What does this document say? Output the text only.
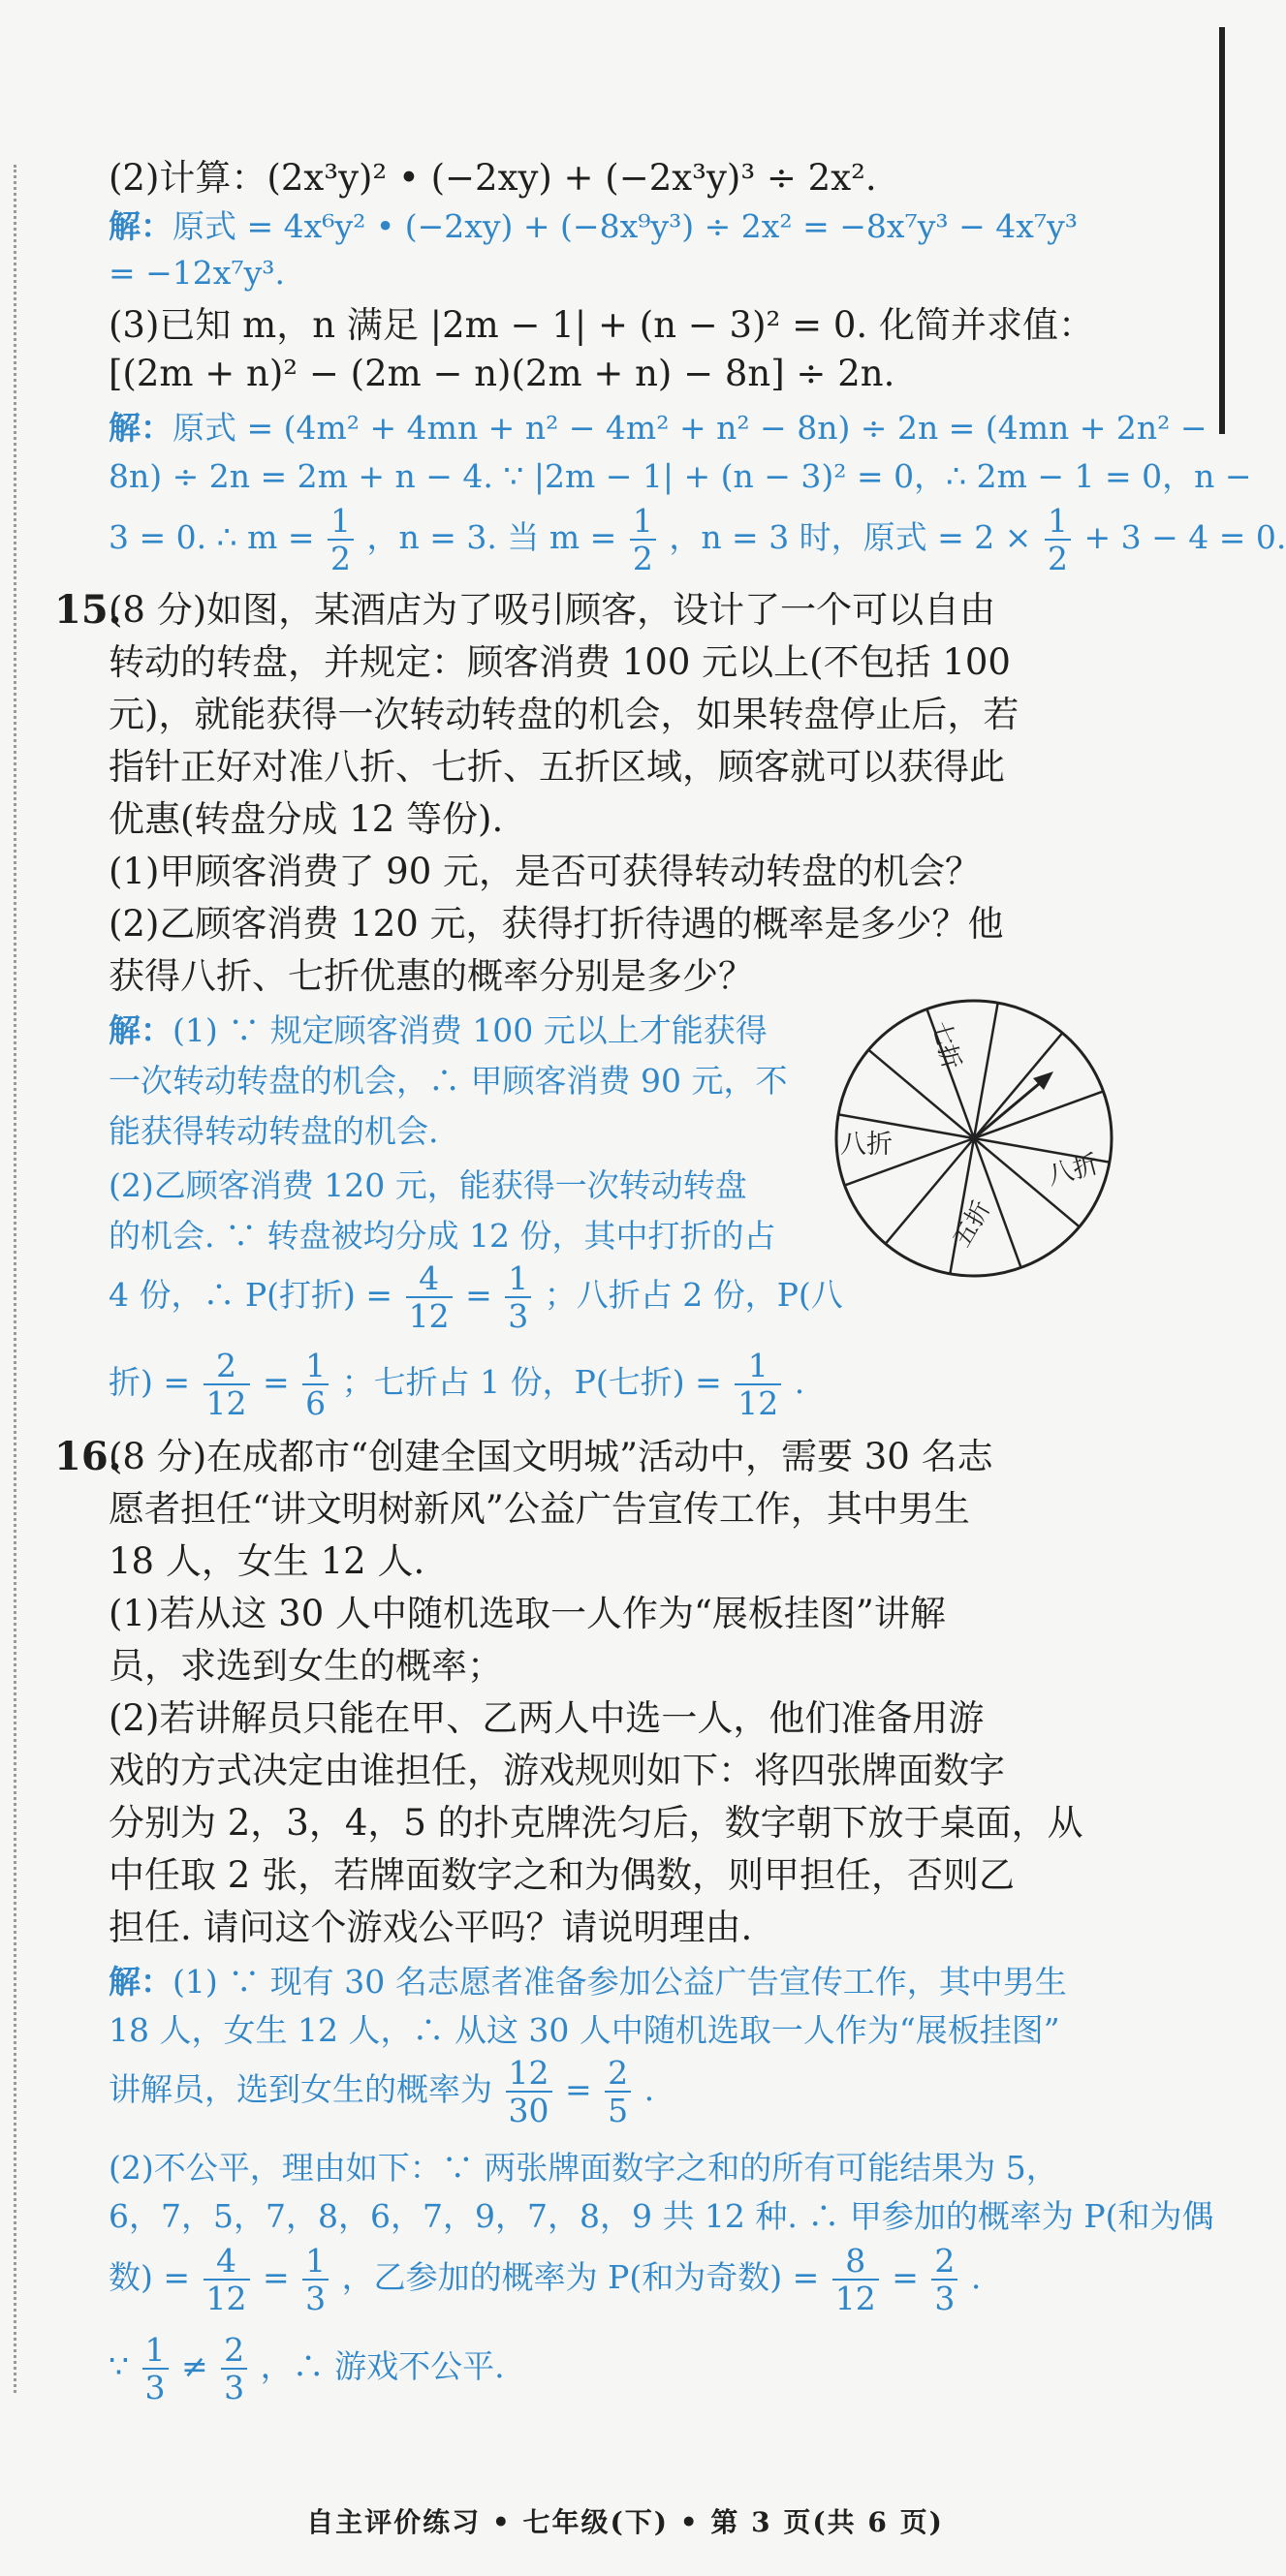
(2)计算：(2x³y)² • (−2xy) + (−2x³y)³ ÷ 2x².
解：原式 = 4x⁶y² • (−2xy) + (−8x⁹y³) ÷ 2x² = −8x⁷y³ − 4x⁷y³
= −12x⁷y³.
(3)已知 m，n 满足 |2m − 1| + (n − 3)² = 0. 化简并求值：
[(2m + n)² − (2m − n)(2m + n) − 8n] ÷ 2n.
解：原式 = (4m² + 4mn + n² − 4m² + n² − 8n) ÷ 2n = (4mn + 2n² −
8n) ÷ 2n = 2m + n − 4. ∵ |2m − 1| + (n − 3)² = 0，∴ 2m − 1 = 0，n −
3 = 0. ∴ $m = \frac{1}{2}$ ，n = 3. 当 $m = \frac{1}{2}$ ，n = 3 时，原式 = $2 \times \frac{1}{2} + 3 - 4 = 0$.
15.
(8 分)如图，某酒店为了吸引顾客，设计了一个可以自由
转动的转盘，并规定：顾客消费 100 元以上(不包括 100
元)，就能获得一次转动转盘的机会，如果转盘停止后，若
指针正好对准八折、七折、五折区域，顾客就可以获得此
优惠(转盘分成 12 等份).
(1)甲顾客消费了 90 元，是否可获得转动转盘的机会？
(2)乙顾客消费 120 元，获得打折待遇的概率是多少？他
获得八折、七折优惠的概率分别是多少？
解：(1) ∵ 规定顾客消费 100 元以上才能获得
一次转动转盘的机会，∴ 甲顾客消费 90 元，不
能获得转动转盘的机会.
(2)乙顾客消费 120 元，能获得一次转动转盘
的机会. ∵ 转盘被均分成 12 份，其中打折的占
4 份，∴ P(打折) = $\frac{4}{12} = \frac{1}{3}$ ；八折占 2 份，P(八
折) = $\frac{2}{12} = \frac{1}{6}$ ；七折占 1 份，P(七折) = $\frac{1}{12}$ .
七折
八折
八折
五折
16.
(8 分)在成都市“创建全国文明城”活动中，需要 30 名志
愿者担任“讲文明树新风”公益广告宣传工作，其中男生
18 人，女生 12 人.
(1)若从这 30 人中随机选取一人作为“展板挂图”讲解
员，求选到女生的概率；
(2)若讲解员只能在甲、乙两人中选一人，他们准备用游
戏的方式决定由谁担任，游戏规则如下：将四张牌面数字
分别为 2，3，4，5 的扑克牌洗匀后，数字朝下放于桌面，从
中任取 2 张，若牌面数字之和为偶数，则甲担任，否则乙
担任. 请问这个游戏公平吗？请说明理由.
解：(1) ∵ 现有 30 名志愿者准备参加公益广告宣传工作，其中男生
18 人，女生 12 人，∴ 从这 30 人中随机选取一人作为“展板挂图”
讲解员，选到女生的概率为 $\frac{12}{30} = \frac{2}{5}$ .
(2)不公平，理由如下：∵ 两张牌面数字之和的所有可能结果为 5，
6，7，5，7，8，6，7，9，7，8，9 共 12 种. ∴ 甲参加的概率为 P(和为偶
数) = $\frac{4}{12} = \frac{1}{3}$ ，乙参加的概率为 P(和为奇数) = $\frac{8}{12} = \frac{2}{3}$ .
∵ $\frac{1}{3} \ne \frac{2}{3}$ ，∴ 游戏不公平.
自主评价练习 • 七年级(下) • 第 3 页(共 6 页)
